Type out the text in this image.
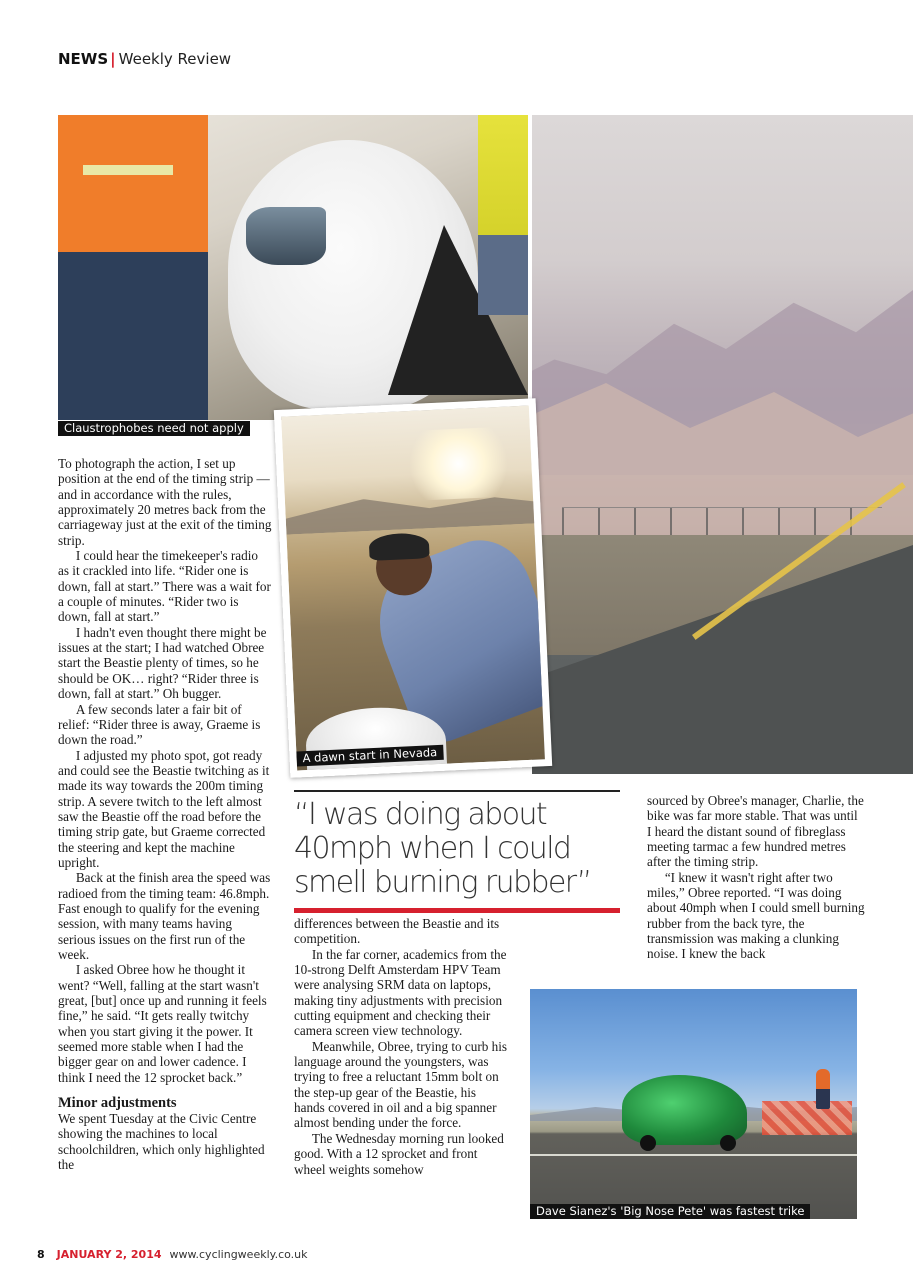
NEWS | Weekly Review
Claustrophobes need not apply
A dawn start in Nevada

To photograph the action, I set up position at the end of the timing strip — and in accordance with the rules, approximately 20 metres back from the carriageway just at the exit of the timing strip.

I could hear the timekeeper's radio as it crackled into life. “Rider one is down, fall at start.” There was a wait for a couple of minutes. “Rider two is down, fall at start.”

I hadn't even thought there might be issues at the start; I had watched Obree start the Beastie plenty of times, so he should be OK… right? “Rider three is down, fall at start.” Oh bugger.

A few seconds later a fair bit of relief: “Rider three is away, Graeme is down the road.”

I adjusted my photo spot, got ready and could see the Beastie twitching as it made its way towards the 200m timing strip. A severe twitch to the left almost saw the Beastie off the road before the timing strip gate, but Graeme corrected the steering and kept the machine upright.

Back at the finish area the speed was radioed from the timing team: 46.8mph. Fast enough to qualify for the evening session, with many teams having serious issues on the first run of the week.

I asked Obree how he thought it went? “Well, falling at the start wasn't great, [but] once up and running it feels fine,” he said. “It gets really twitchy when you start giving it the power. It seemed more stable when I had the bigger gear on and lower cadence. I think I need the 12 sprocket back.”

Minor adjustments

We spent Tuesday at the Civic Centre showing the machines to local schoolchildren, which only highlighted the

“I was doing about 40mph when I could smell burning rubber”

differences between the Beastie and its competition.

In the far corner, academics from the 10-strong Delft Amsterdam HPV Team were analysing SRM data on laptops, making tiny adjustments with precision cutting equipment and checking their camera screen view technology.

Meanwhile, Obree, trying to curb his language around the youngsters, was trying to free a reluctant 15mm bolt on the step-up gear of the Beastie, his hands covered in oil and a big spanner almost bending under the force.

The Wednesday morning run looked good. With a 12 sprocket and front wheel weights somehow

sourced by Obree's manager, Charlie, the bike was far more stable. That was until I heard the distant sound of fibreglass meeting tarmac a few hundred metres after the timing strip.

“I knew it wasn't right after two miles,” Obree reported. “I was doing about 40mph when I could smell burning rubber from the back tyre, the transmission was making a clunking noise. I knew the back

Dave Sianez's 'Big Nose Pete' was fastest trike
8 JANUARY 2, 2014 www.cyclingweekly.co.uk
